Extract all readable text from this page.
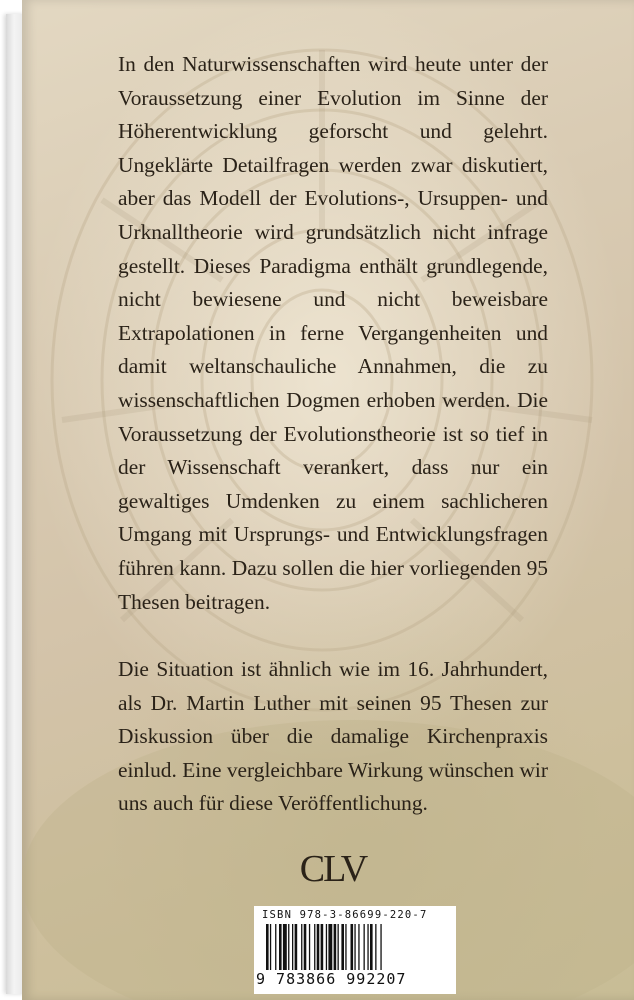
In den Naturwissenschaften wird heute unter der Voraussetzung einer Evolution im Sinne der Höherentwicklung geforscht und gelehrt. Ungeklärte Detailfragen werden zwar diskutiert, aber das Modell der Evolutions-, Ursuppen- und Urknalltheorie wird grundsätzlich nicht infrage gestellt. Dieses Paradigma enthält grundlegende, nicht bewiesene und nicht beweisbare Extrapolationen in ferne Vergangenheiten und damit weltanschauliche Annahmen, die zu wissenschaftlichen Dogmen erhoben werden. Die Voraussetzung der Evolutionstheorie ist so tief in der Wissenschaft verankert, dass nur ein gewaltiges Umdenken zu einem sachlicheren Umgang mit Ursprungs- und Entwicklungsfragen führen kann. Dazu sollen die hier vorliegenden 95 Thesen beitragen.

Die Situation ist ähnlich wie im 16. Jahrhundert, als Dr. Martin Luther mit seinen 95 Thesen zur Diskussion über die damalige Kirchenpraxis einlud. Eine vergleichbare Wirkung wünschen wir uns auch für diese Veröffentlichung.

CLV
ISBN 978-3-86699-220-7
9 783866 992207
